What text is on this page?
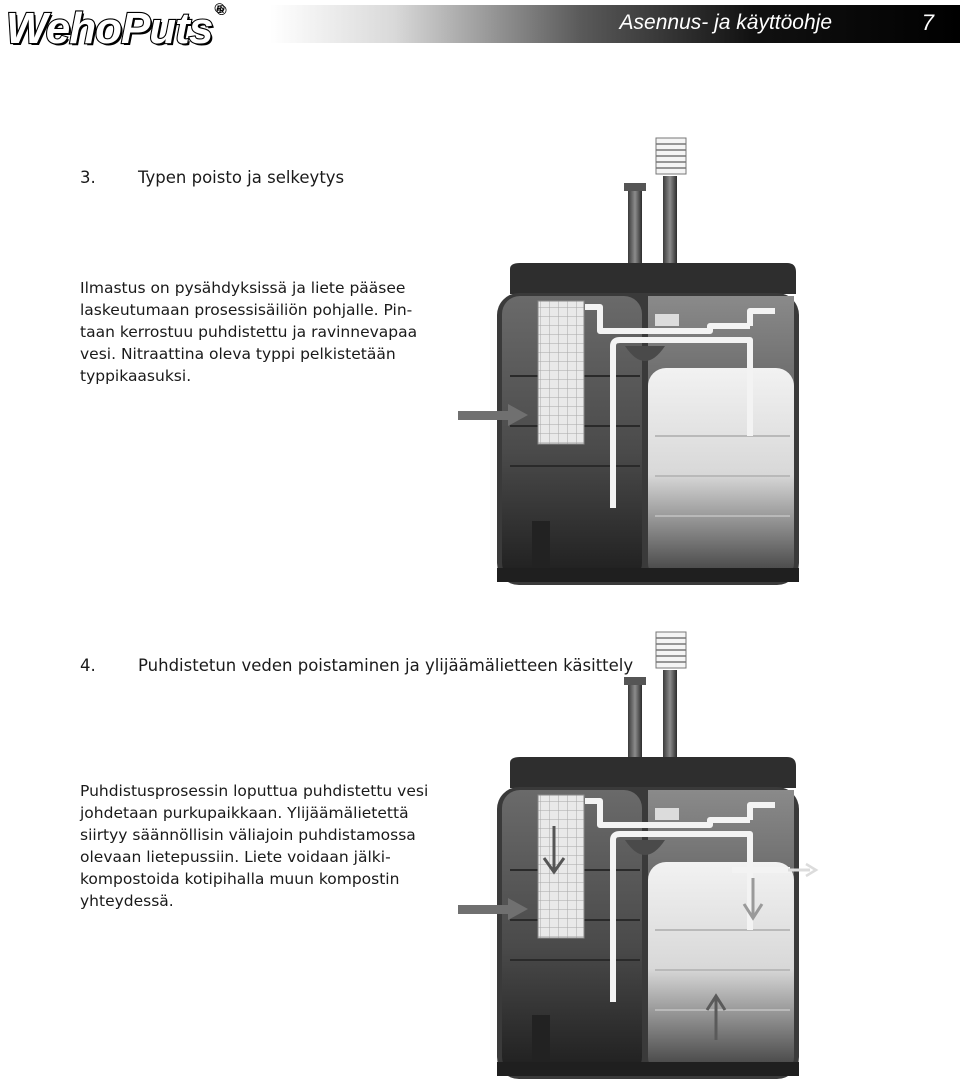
WehoPuts ®
Asennus- ja käyttöohje	7
3.	Typen poisto ja selkeytys
Ilmastus on pysähdyksissä ja liete pääsee
laskeutumaan prosessisäiliön pohjalle. Pin-
taan kerrostuu puhdistettu ja ravinnevapaa
vesi. Nitraattina oleva typpi pelkistetään
typpikaasuksi.
4.	Puhdistetun veden poistaminen ja ylijäämälietteen käsittely
Puhdistusprosessin loputtua puhdistettu vesi
johdetaan purkupaikkaan. Ylijäämälietettä
siirtyy säännöllisin väliajoin puhdistamossa
olevaan lietepussiin. Liete voidaan jälki-
kompostoida kotipihalla muun kompostin
yhteydessä.
